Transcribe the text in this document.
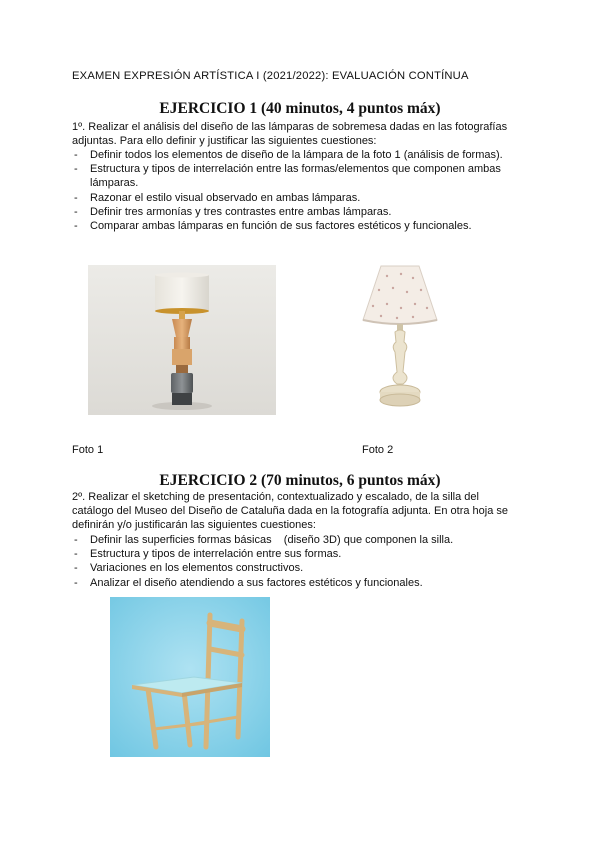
EXAMEN EXPRESIÓN ARTÍSTICA I (2021/2022): EVALUACIÓN CONTÍNUA
EJERCICIO 1 (40 minutos, 4 puntos máx)
1º. Realizar el análisis del diseño de las lámparas de sobremesa dadas en las fotografías adjuntas. Para ello definir y justificar las siguientes cuestiones:
- Definir todos los elementos de diseño de la lámpara de la foto 1 (análisis de formas).
- Estructura y tipos de interrelación entre las formas/elementos que componen ambas lámparas.
- Razonar el estilo visual observado en ambas lámparas.
- Definir tres armonías y tres contrastes entre ambas lámparas.
- Comparar ambas lámparas en función de sus factores estéticos y funcionales.
Foto 1	Foto 2
EJERCICIO 2 (70 minutos, 6 puntos máx)
2º. Realizar el sketching de presentación, contextualizado y escalado, de la silla del catálogo del Museo del Diseño de Cataluña dada en la fotografía adjunta. En otra hoja se definirán y/o justificarán las siguientes cuestiones:
- Definir las superficies formas básicas    (diseño 3D) que componen la silla.
- Estructura y tipos de interrelación entre sus formas.
- Variaciones en los elementos constructivos.
- Analizar el diseño atendiendo a sus factores estéticos y funcionales.
